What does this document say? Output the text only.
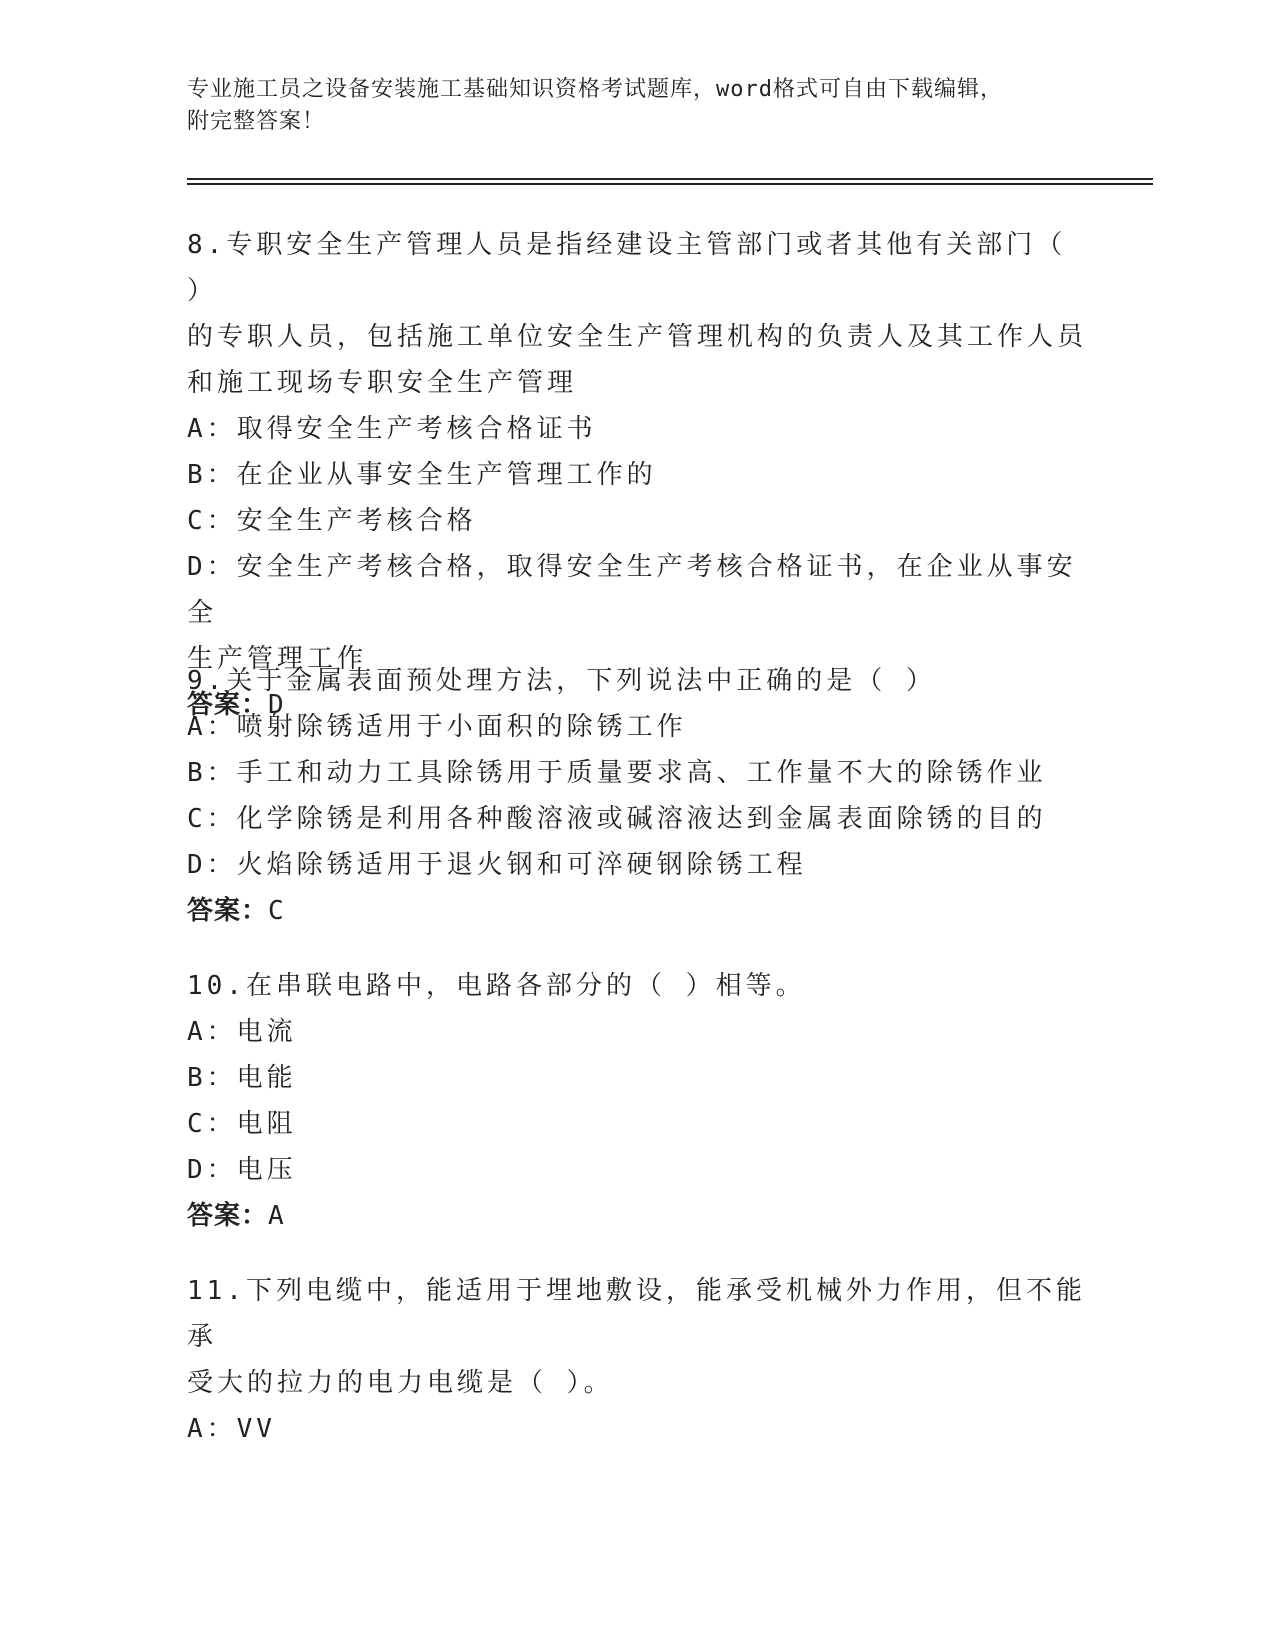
专业施工员之设备安装施工基础知识资格考试题库，word格式可自由下载编辑，
附完整答案！

8.专职安全生产管理人员是指经建设主管部门或者其他有关部门（ ）

的专职人员，包括施工单位安全生产管理机构的负责人及其工作人员

和施工现场专职安全生产管理

A：取得安全生产考核合格证书

B：在企业从事安全生产管理工作的

C：安全生产考核合格

D：安全生产考核合格，取得安全生产考核合格证书，在企业从事安全

生产管理工作

答案：D

9.关于金属表面预处理方法，下列说法中正确的是（ ）

A：喷射除锈适用于小面积的除锈工作

B：手工和动力工具除锈用于质量要求高、工作量不大的除锈作业

C：化学除锈是利用各种酸溶液或碱溶液达到金属表面除锈的目的

D：火焰除锈适用于退火钢和可淬硬钢除锈工程

答案：C

10.在串联电路中，电路各部分的（ ）相等。

A：电流

B：电能

C：电阻

D：电压

答案：A

11.下列电缆中，能适用于埋地敷设，能承受机械外力作用，但不能承

受大的拉力的电力电缆是（ ）。

A：VV
